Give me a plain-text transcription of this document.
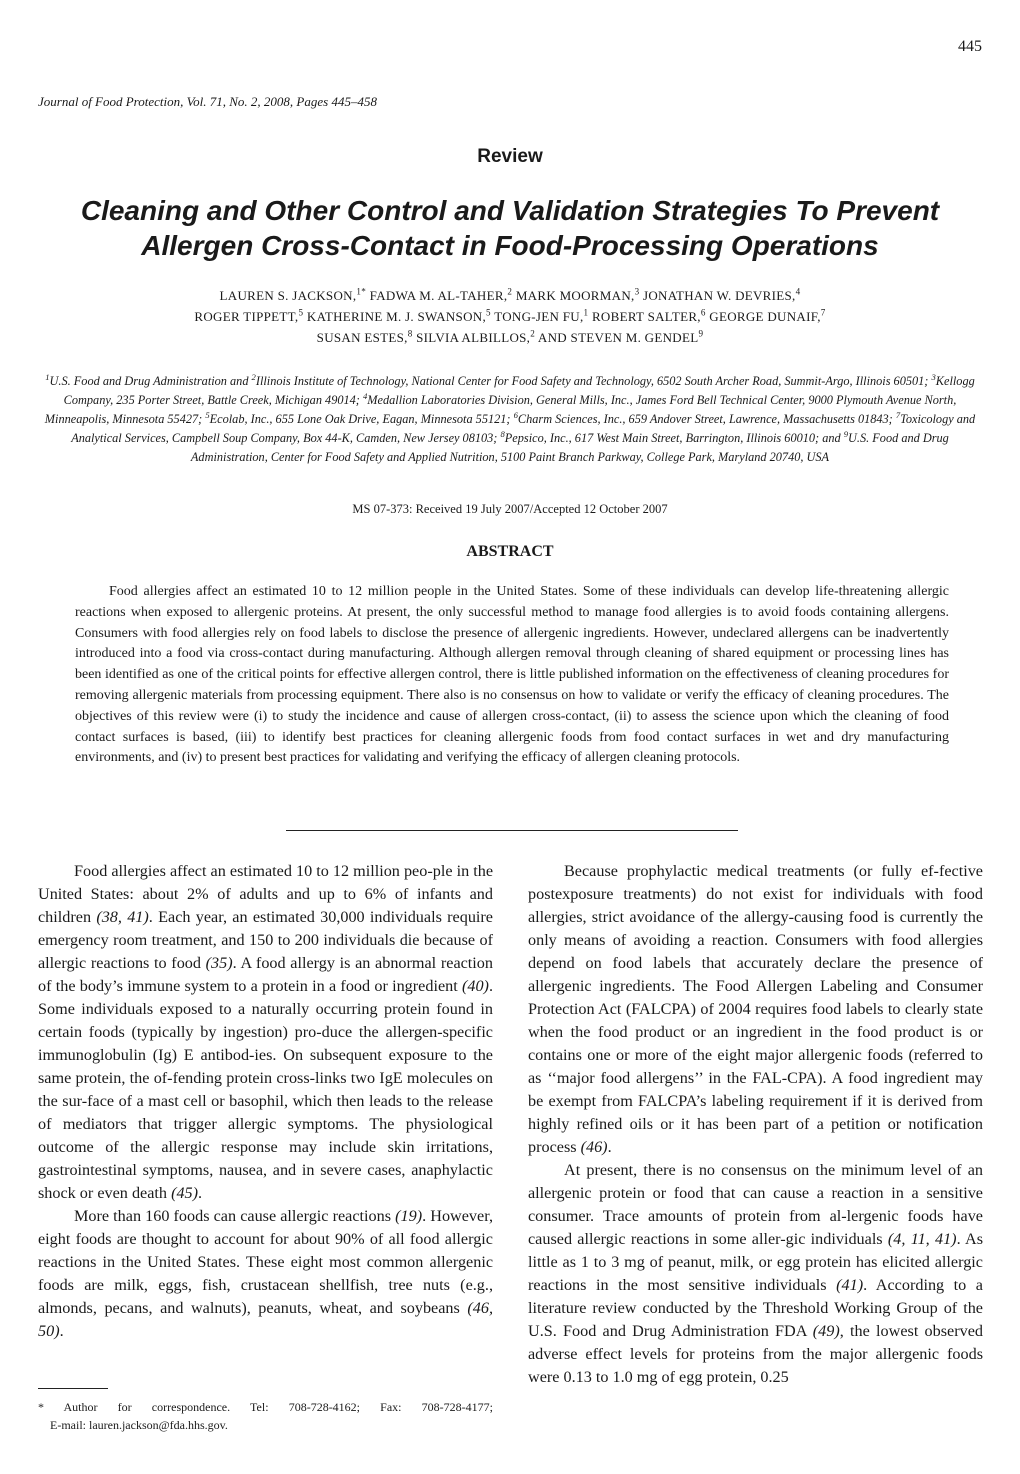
445
Journal of Food Protection, Vol. 71, No. 2, 2008, Pages 445–458
Review
Cleaning and Other Control and Validation Strategies To Prevent Allergen Cross-Contact in Food-Processing Operations
LAUREN S. JACKSON,$^{1*}$ FADWA M. AL-TAHER,$^2$ MARK MOORMAN,$^3$ JONATHAN W. DEVRIES,$^4$
ROGER TIPPETT,$^5$ KATHERINE M. J. SWANSON,$^5$ TONG-JEN FU,$^1$ ROBERT SALTER,$^6$ GEORGE DUNAIF,$^7$
SUSAN ESTES,$^8$ SILVIA ALBILLOS,$^2$ AND STEVEN M. GENDEL$^9$
$^1$U.S. Food and Drug Administration and $^2$Illinois Institute of Technology, National Center for Food Safety and Technology, 6502 South Archer Road, Summit-Argo, Illinois 60501; $^3$Kellogg Company, 235 Porter Street, Battle Creek, Michigan 49014; $^4$Medallion Laboratories Division, General Mills, Inc., James Ford Bell Technical Center, 9000 Plymouth Avenue North, Minneapolis, Minnesota 55427; $^5$Ecolab, Inc., 655 Lone Oak Drive, Eagan, Minnesota 55121; $^6$Charm Sciences, Inc., 659 Andover Street, Lawrence, Massachusetts 01843; $^7$Toxicology and Analytical Services, Campbell Soup Company, Box 44-K, Camden, New Jersey 08103; $^8$Pepsico, Inc., 617 West Main Street, Barrington, Illinois 60010; and $^9$U.S. Food and Drug Administration, Center for Food Safety and Applied Nutrition, 5100 Paint Branch Parkway, College Park, Maryland 20740, USA
MS 07-373: Received 19 July 2007/Accepted 12 October 2007
ABSTRACT

Food allergies affect an estimated 10 to 12 million people in the United States. Some of these individuals can develop life-threatening allergic reactions when exposed to allergenic proteins. At present, the only successful method to manage food allergies is to avoid foods containing allergens. Consumers with food allergies rely on food labels to disclose the presence of allergenic ingredients. However, undeclared allergens can be inadvertently introduced into a food via cross-contact during manufacturing. Although allergen removal through cleaning of shared equipment or processing lines has been identified as one of the critical points for effective allergen control, there is little published information on the effectiveness of cleaning procedures for removing allergenic materials from processing equipment. There also is no consensus on how to validate or verify the efficacy of cleaning procedures. The objectives of this review were (i) to study the incidence and cause of allergen cross-contact, (ii) to assess the science upon which the cleaning of food contact surfaces is based, (iii) to identify best practices for cleaning allergenic foods from food contact surfaces in wet and dry manufacturing environments, and (iv) to present best practices for validating and verifying the efficacy of allergen cleaning protocols.

Food allergies affect an estimated 10 to 12 million peo-ple in the United States: about 2% of adults and up to 6% of infants and children (38, 41). Each year, an estimated 30,000 individuals require emergency room treatment, and 150 to 200 individuals die because of allergic reactions to food (35). A food allergy is an abnormal reaction of the body’s immune system to a protein in a food or ingredient (40). Some individuals exposed to a naturally occurring protein found in certain foods (typically by ingestion) pro-duce the allergen-specific immunoglobulin (Ig) E antibod-ies. On subsequent exposure to the same protein, the of-fending protein cross-links two IgE molecules on the sur-face of a mast cell or basophil, which then leads to the release of mediators that trigger allergic symptoms. The physiological outcome of the allergic response may include skin irritations, gastrointestinal symptoms, nausea, and in severe cases, anaphylactic shock or even death (45).

More than 160 foods can cause allergic reactions (19). However, eight foods are thought to account for about 90% of all food allergic reactions in the United States. These eight most common allergenic foods are milk, eggs, fish, crustacean shellfish, tree nuts (e.g., almonds, pecans, and walnuts), peanuts, wheat, and soybeans (46, 50).

Because prophylactic medical treatments (or fully ef-fective postexposure treatments) do not exist for individuals with food allergies, strict avoidance of the allergy-causing food is currently the only means of avoiding a reaction. Consumers with food allergies depend on food labels that accurately declare the presence of allergenic ingredients. The Food Allergen Labeling and Consumer Protection Act (FALCPA) of 2004 requires food labels to clearly state when the food product or an ingredient in the food product is or contains one or more of the eight major allergenic foods (referred to as ‘‘major food allergens’’ in the FAL-CPA). A food ingredient may be exempt from FALCPA’s labeling requirement if it is derived from highly refined oils or it has been part of a petition or notification process (46).

At present, there is no consensus on the minimum level of an allergenic protein or food that can cause a reaction in a sensitive consumer. Trace amounts of protein from al-lergenic foods have caused allergic reactions in some aller-gic individuals (4, 11, 41). As little as 1 to 3 mg of peanut, milk, or egg protein has elicited allergic reactions in the most sensitive individuals (41). According to a literature review conducted by the Threshold Working Group of the U.S. Food and Drug Administration FDA (49), the lowest observed adverse effect levels for proteins from the major allergenic foods were 0.13 to 1.0 mg of egg protein, 0.25

* Author for correspondence. Tel: 708-728-4162; Fax: 708-728-4177;
E-mail: lauren.jackson@fda.hhs.gov.
